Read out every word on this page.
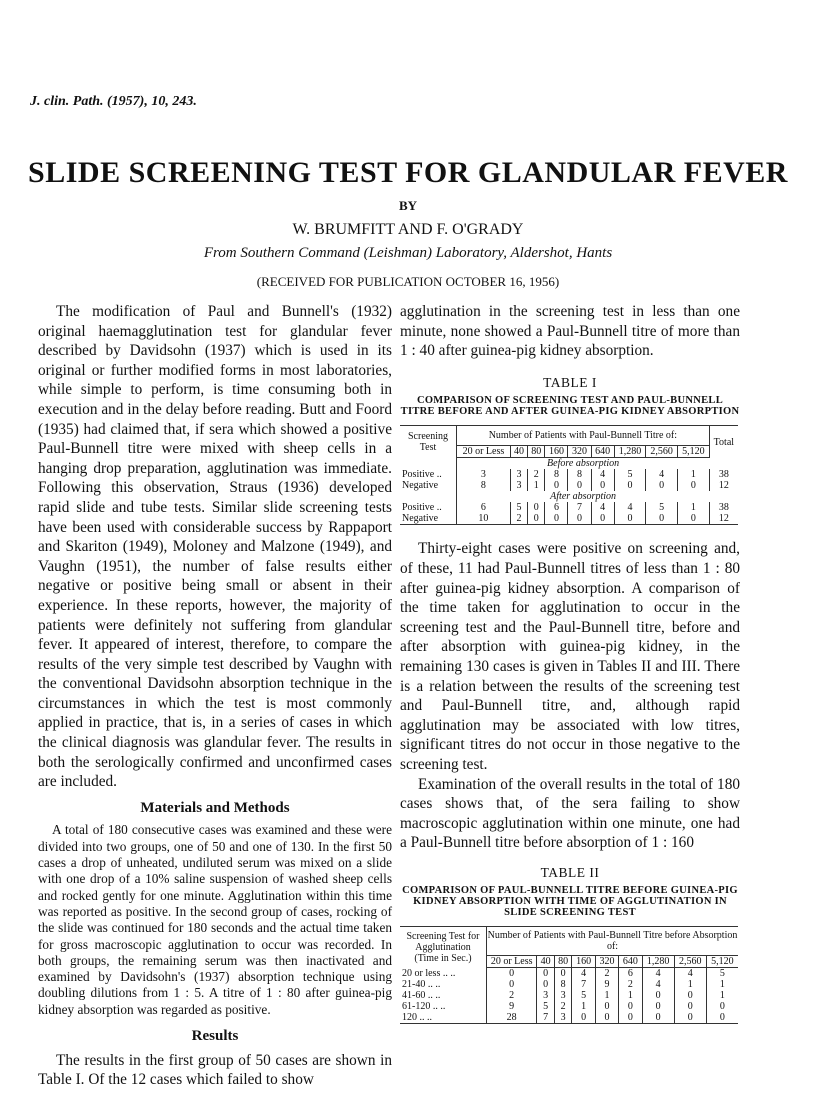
J. clin. Path. (1957), 10, 243.
SLIDE SCREENING TEST FOR GLANDULAR FEVER
BY
W. BRUMFITT AND F. O'GRADY
From Southern Command (Leishman) Laboratory, Aldershot, Hants
(RECEIVED FOR PUBLICATION OCTOBER 16, 1956)

The modification of Paul and Bunnell's (1932) original haemagglutination test for glandular fever described by Davidsohn (1937) which is used in its original or further modified forms in most laboratories, while simple to perform, is time consuming both in execution and in the delay before reading. Butt and Foord (1935) had claimed that, if sera which showed a positive Paul-Bunnell titre were mixed with sheep cells in a hanging drop preparation, agglutination was immediate. Following this observation, Straus (1936) developed rapid slide and tube tests. Similar slide screening tests have been used with considerable success by Rappaport and Skariton (1949), Moloney and Malzone (1949), and Vaughn (1951), the number of false results either negative or positive being small or absent in their experience. In these reports, however, the majority of patients were definitely not suffering from glandular fever. It appeared of interest, therefore, to compare the results of the very simple test described by Vaughn with the conventional Davidsohn absorption technique in the circumstances in which the test is most commonly applied in practice, that is, in a series of cases in which the clinical diagnosis was glandular fever. The results in both the serologically confirmed and unconfirmed cases are included.

Materials and Methods

A total of 180 consecutive cases was examined and these were divided into two groups, one of 50 and one of 130. In the first 50 cases a drop of unheated, undiluted serum was mixed on a slide with one drop of a 10% saline suspension of washed sheep cells and rocked gently for one minute. Agglutination within this time was reported as positive. In the second group of cases, rocking of the slide was continued for 180 seconds and the actual time taken for gross macroscopic agglutination to occur was recorded. In both groups, the remaining serum was then inactivated and examined by Davidsohn's (1937) absorption technique using doubling dilutions from 1 : 5. A titre of 1 : 80 after guinea-pig kidney absorption was regarded as positive.

Results

The results in the first group of 50 cases are shown in Table I. Of the 12 cases which failed to show

agglutination in the screening test in less than one minute, none showed a Paul-Bunnell titre of more than 1 : 40 after guinea-pig kidney absorption.

TABLE I
COMPARISON OF SCREENING TEST AND PAUL-BUNNELL TITRE BEFORE AND AFTER GUINEA-PIG KIDNEY ABSORPTION
Screening Test	Number of Patients with Paul-Bunnell Titre of:									Total
	20 or Less	40	80	160	320	640	1,280	2,560	5,120	
	Before absorption									
Positive ..	3	3	2	8	8	4	5	4	1	38
Negative	8	3	1	0	0	0	0	0	0	12
	After absorption									
Positive ..	6	5	0	6	7	4	4	5	1	38
Negative	10	2	0	0	0	0	0	0	0	12

Thirty-eight cases were positive on screening and, of these, 11 had Paul-Bunnell titres of less than 1 : 80 after guinea-pig kidney absorption. A comparison of the time taken for agglutination to occur in the screening test and the Paul-Bunnell titre, before and after absorption with guinea-pig kidney, in the remaining 130 cases is given in Tables II and III. There is a relation between the results of the screening test and Paul-Bunnell titre, and, although rapid agglutination may be associated with low titres, significant titres do not occur in those negative to the screening test.

Examination of the overall results in the total of 180 cases shows that, of the sera failing to show macroscopic agglutination within one minute, one had a Paul-Bunnell titre before absorption of 1 : 160

TABLE II
COMPARISON OF PAUL-BUNNELL TITRE BEFORE GUINEA-PIG KIDNEY ABSORPTION WITH TIME OF AGGLUTINATION IN SLIDE SCREENING TEST
Screening Test for Agglutination (Time in Sec.)	Number of Patients with Paul-Bunnell Titre before Absorption of:								
	20 or Less	40	80	160	320	640	1,280	2,560	5,120
20 or less .. ..	0	0	0	4	2	6	4	4	5
21-40 .. ..	0	0	8	7	9	2	4	1	1
41-60 .. ..	2	3	3	5	1	1	0	0	1
61-120 .. ..	9	5	2	1	0	0	0	0	0
120 .. ..	28	7	3	0	0	0	0	0	0
